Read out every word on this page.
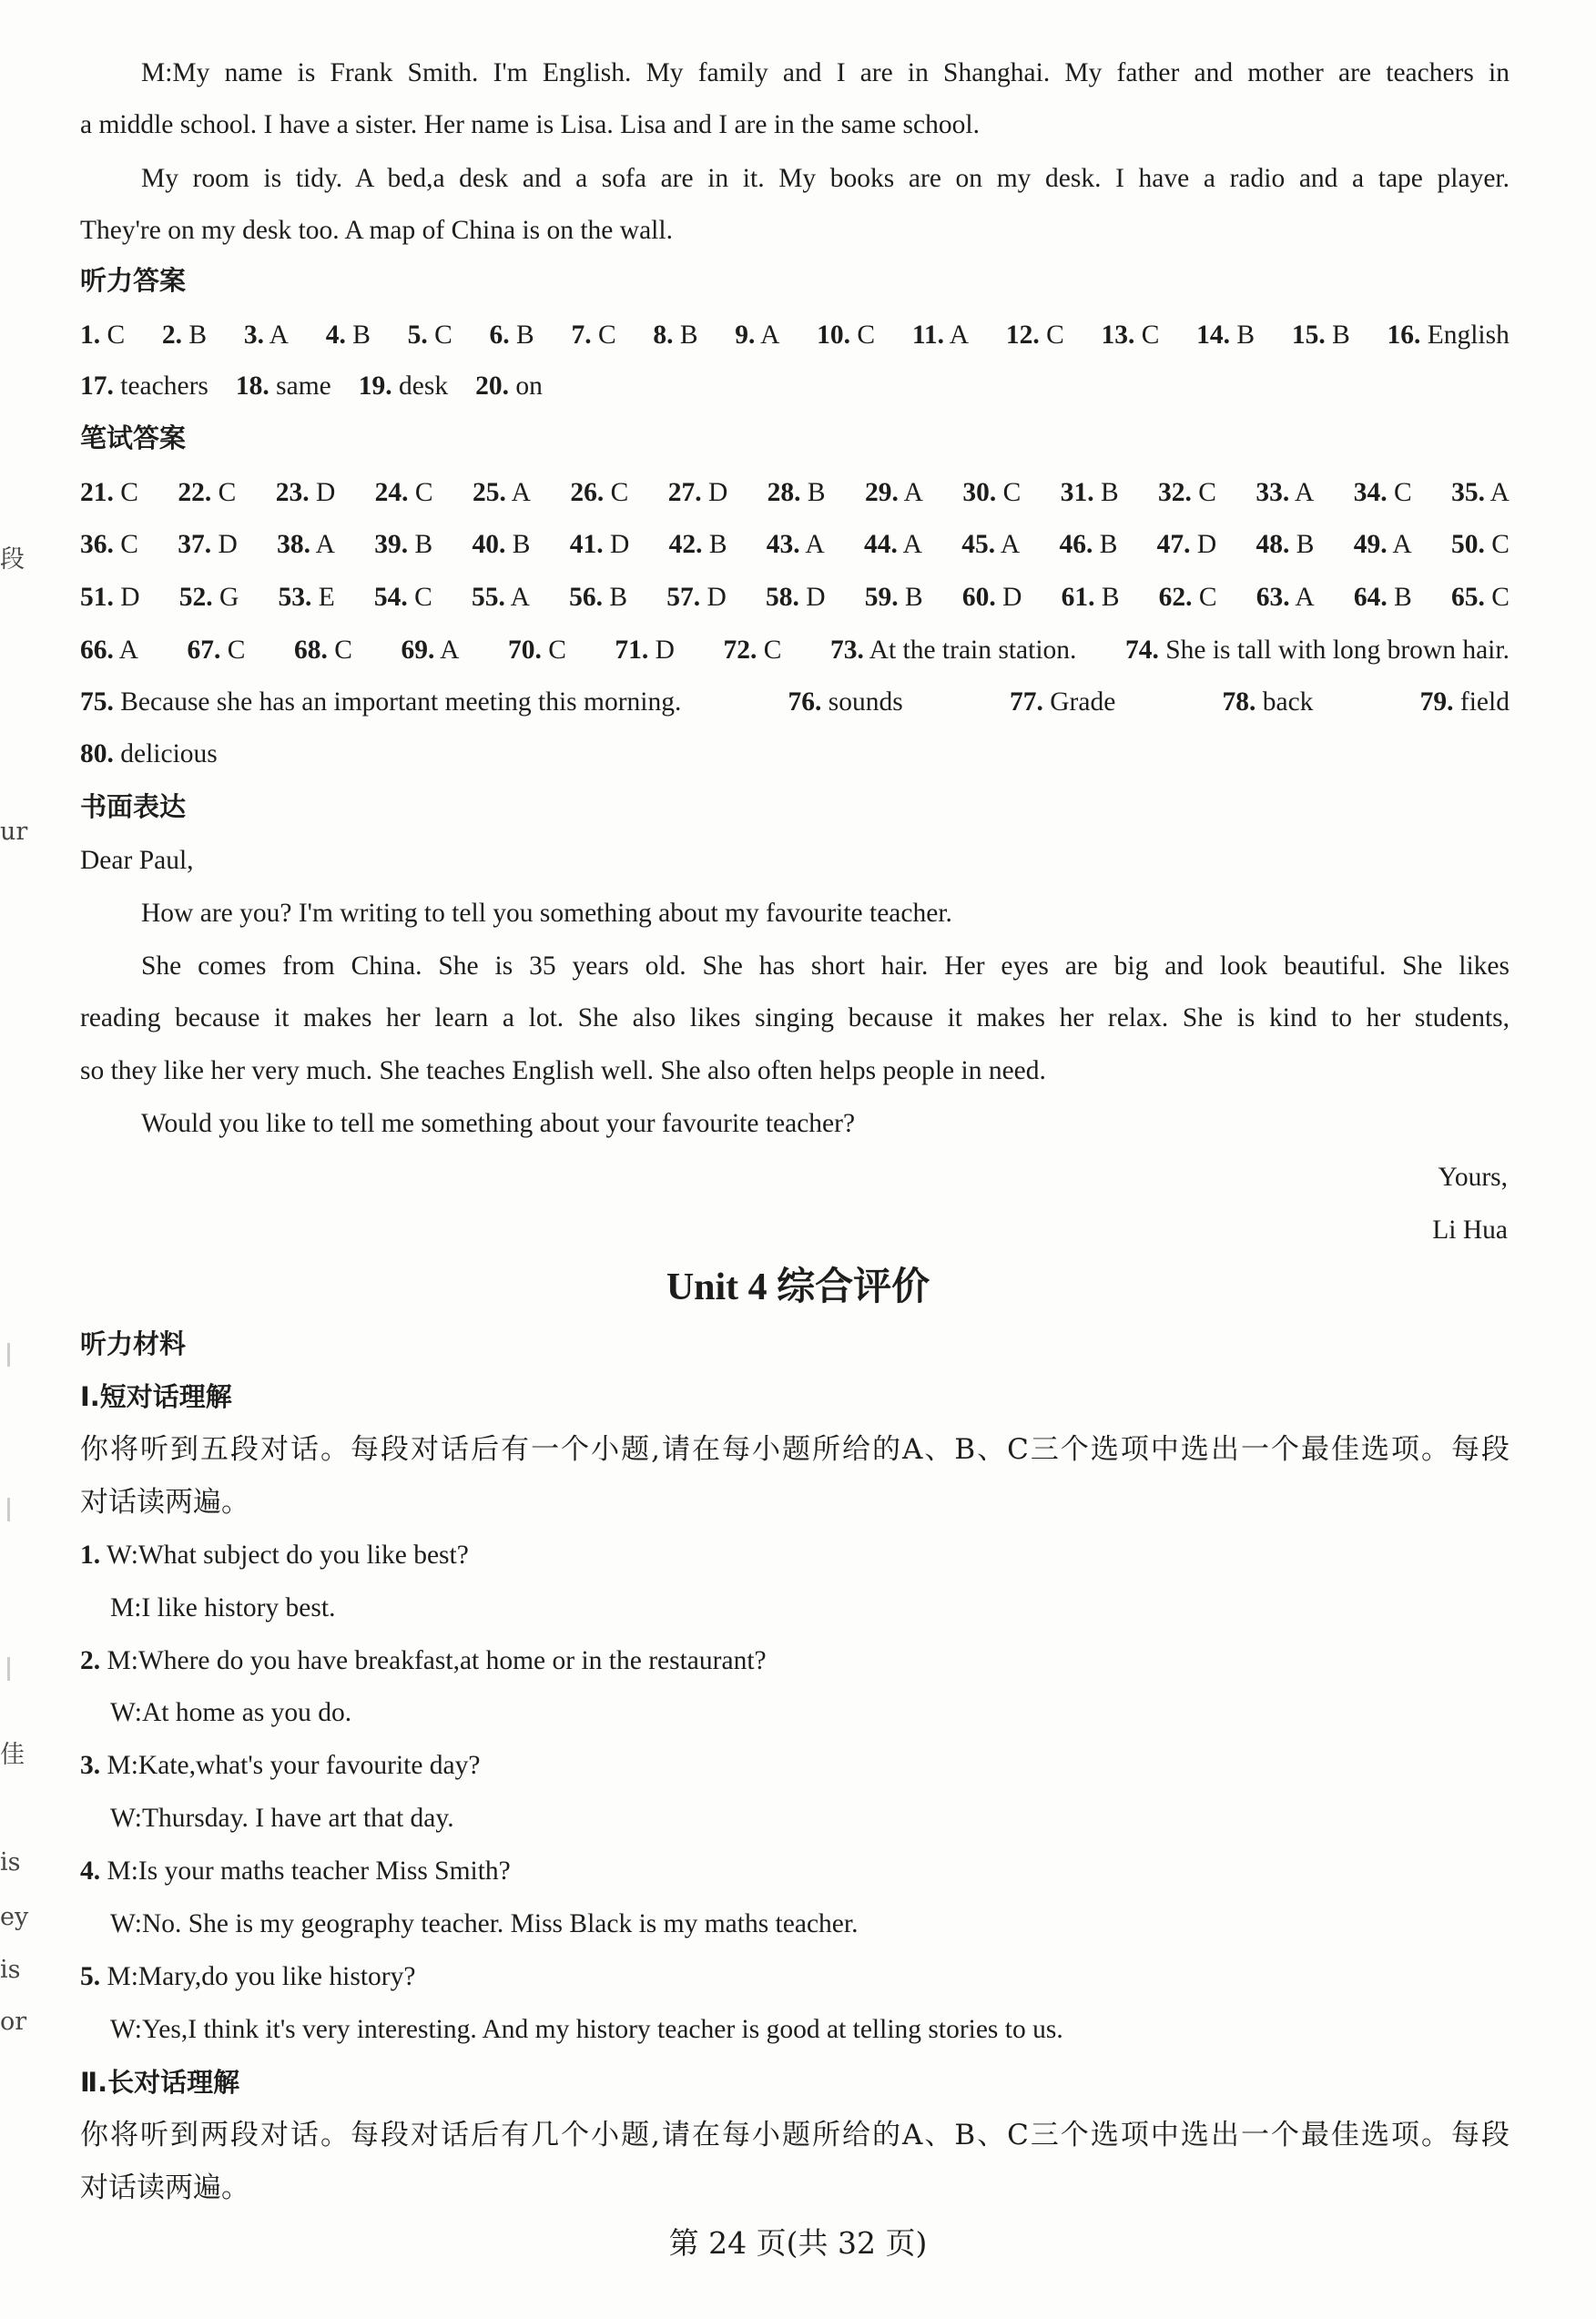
段
ur
佳
is
ey
is
or
M:My name is Frank Smith. I'm English. My family and I are in Shanghai. My father and mother are teachers in
a middle school. I have a sister. Her name is Lisa. Lisa and I are in the same school.
My room is tidy. A bed,a desk and a sofa are in it. My books are on my desk. I have a radio and a tape player.
They're on my desk too. A map of China is on the wall.
听力答案
1. C 2. B 3. A 4. B 5. C 6. B 7. C 8. B 9. A 10. C 11. A 12. C 13. C 14. B 15. B 16. English
17. teachers 18. same 19. desk 20. on
笔试答案
21. C 22. C 23. D 24. C 25. A 26. C 27. D 28. B 29. A 30. C 31. B 32. C 33. A 34. C 35. A
36. C 37. D 38. A 39. B 40. B 41. D 42. B 43. A 44. A 45. A 46. B 47. D 48. B 49. A 50. C
51. D 52. G 53. E 54. C 55. A 56. B 57. D 58. D 59. B 60. D 61. B 62. C 63. A 64. B 65. C
66. A 67. C 68. C 69. A 70. C 71. D 72. C 73. At the train station. 74. She is tall with long brown hair.
75. Because she has an important meeting this morning.	76. sounds	77. Grade	78. back	79. field
80. delicious
书面表达
Dear Paul,
How are you? I'm writing to tell you something about my favourite teacher.
She comes from China. She is 35 years old. She has short hair. Her eyes are big and look beautiful. She likes
reading because it makes her learn a lot. She also likes singing because it makes her relax. She is kind to her students,
so they like her very much. She teaches English well. She also often helps people in need.
Would you like to tell me something about your favourite teacher?
Yours,
Li Hua
Unit 4 综合评价
听力材料
Ⅰ.短对话理解
你将听到五段对话。每段对话后有一个小题,请在每小题所给的A、B、C三个选项中选出一个最佳选项。每段
对话读两遍。
1. W:What subject do you like best?
M:I like history best.
2. M:Where do you have breakfast,at home or in the restaurant?
W:At home as you do.
3. M:Kate,what's your favourite day?
W:Thursday. I have art that day.
4. M:Is your maths teacher Miss Smith?
W:No. She is my geography teacher. Miss Black is my maths teacher.
5. M:Mary,do you like history?
W:Yes,I think it's very interesting. And my history teacher is good at telling stories to us.
Ⅱ.长对话理解
你将听到两段对话。每段对话后有几个小题,请在每小题所给的A、B、C三个选项中选出一个最佳选项。每段
对话读两遍。
第 24 页(共 32 页)
